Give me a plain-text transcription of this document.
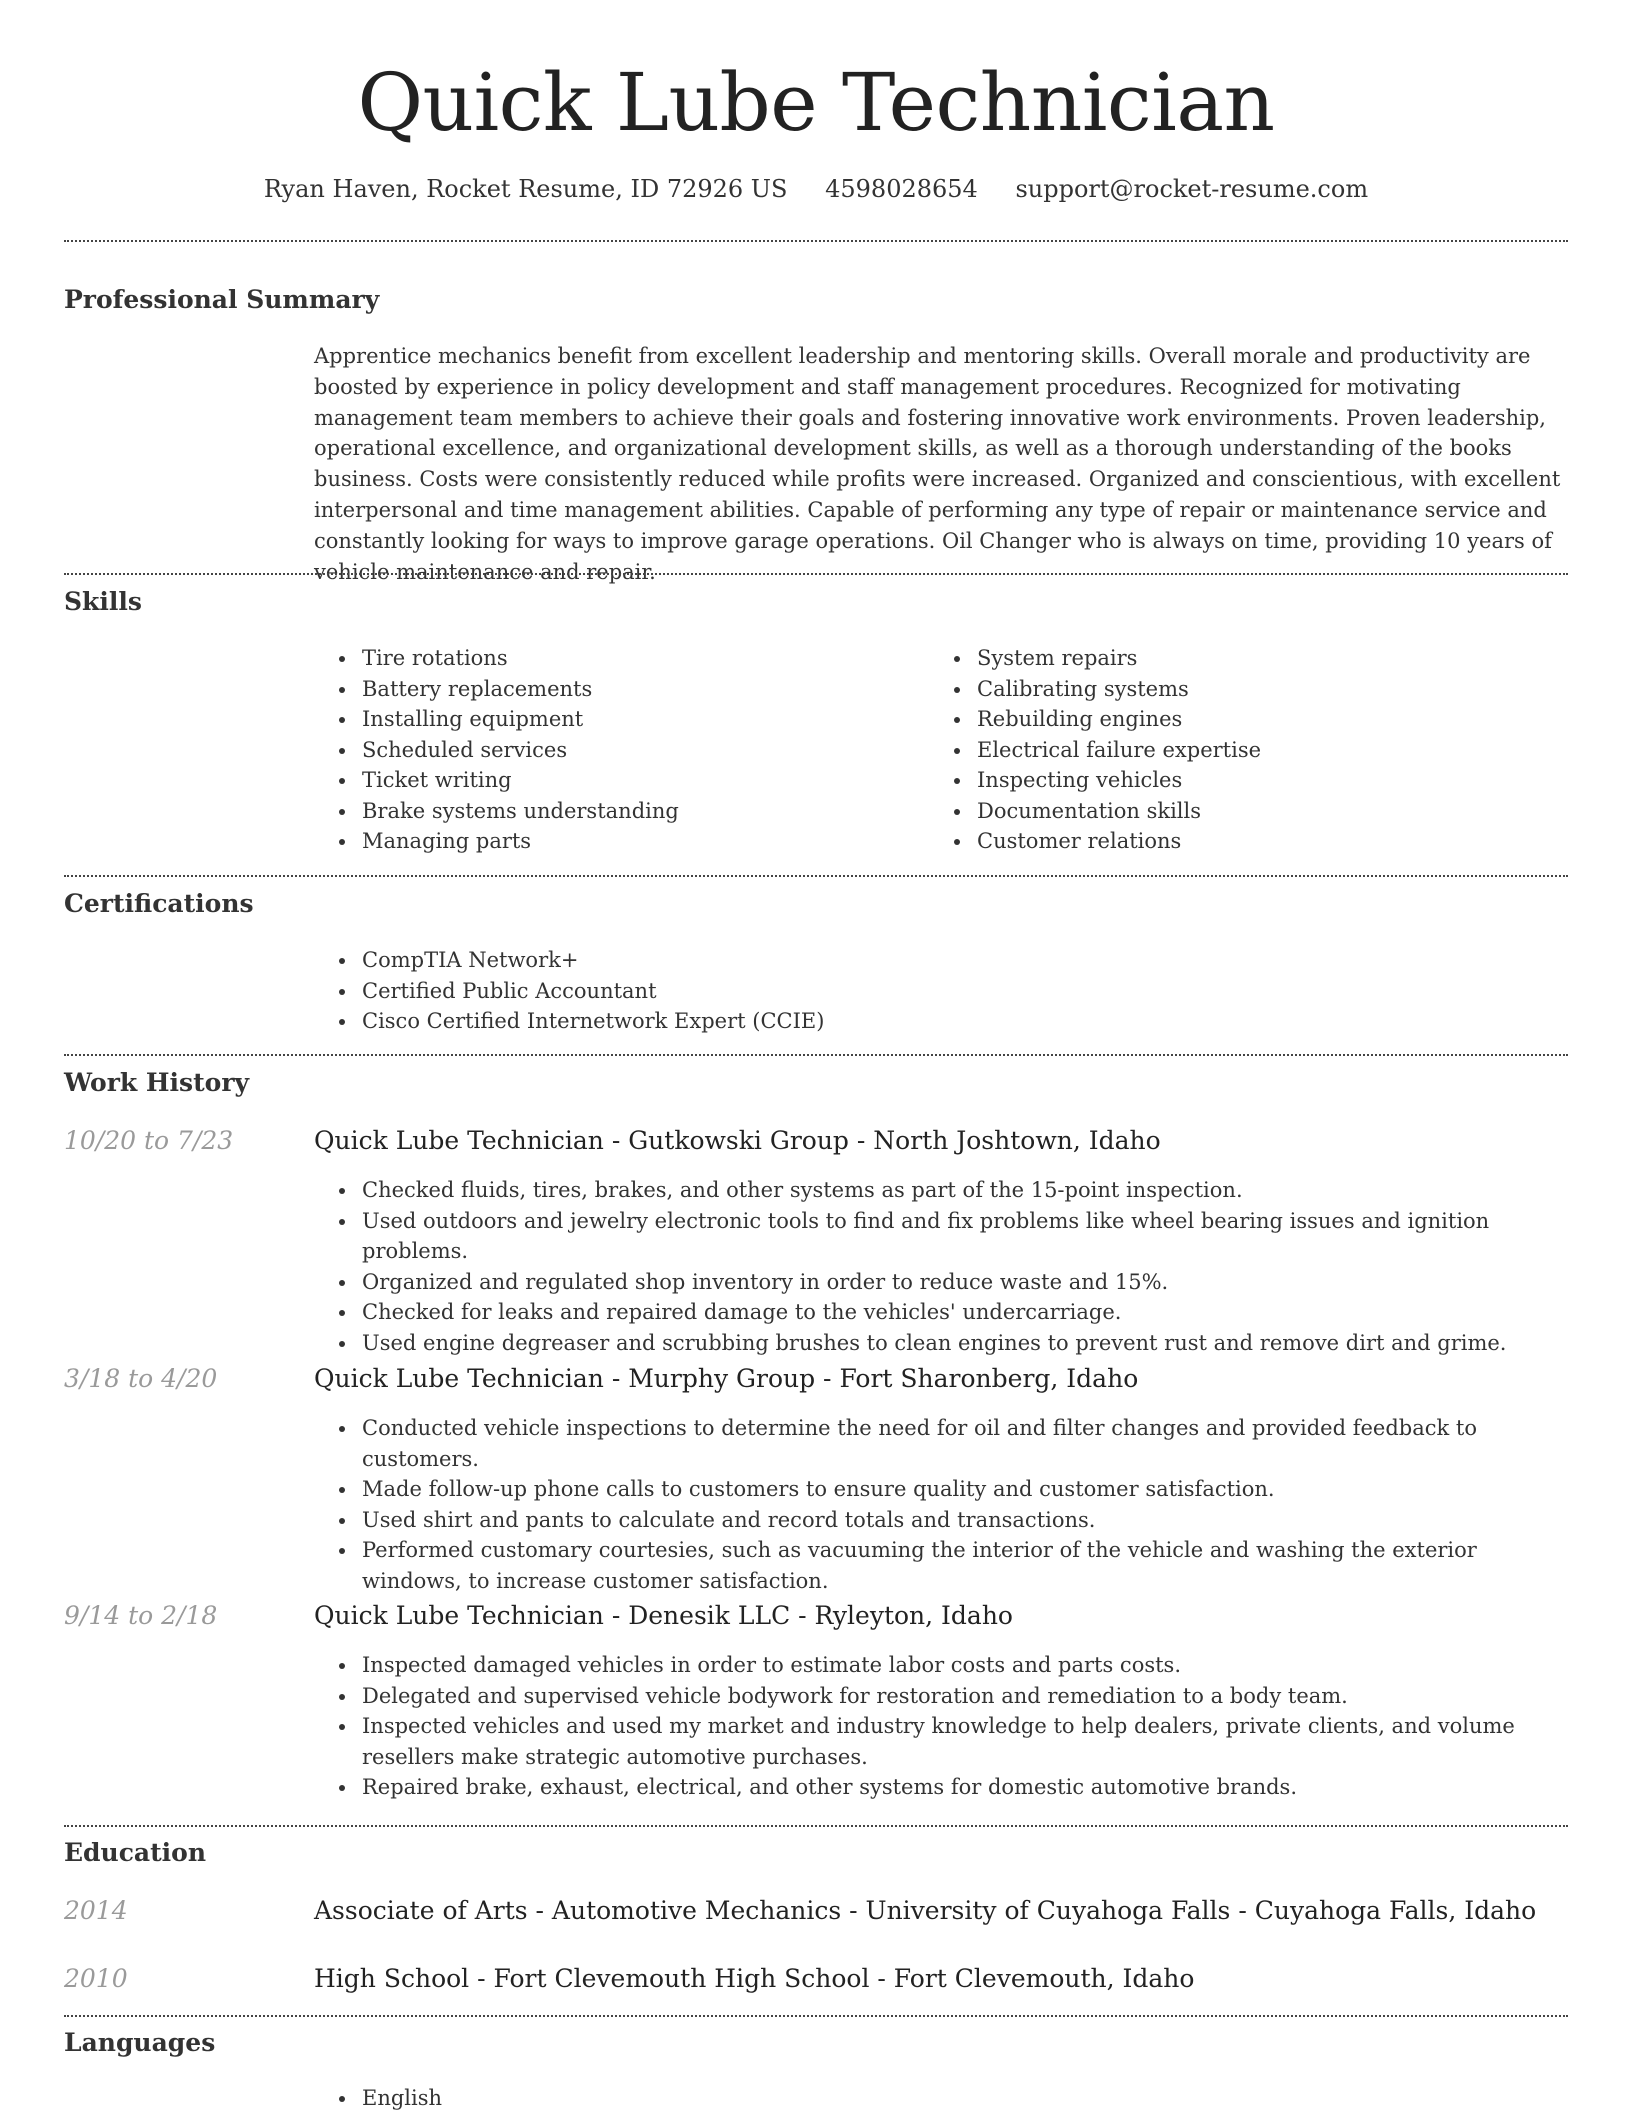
Quick Lube Technician
Ryan Haven, Rocket Resume, ID 72926 US 4598028654 support@rocket-resume.com
Professional Summary

Apprentice mechanics benefit from excellent leadership and mentoring skills. Overall morale and productivity are boosted by experience in policy development and staff management procedures. Recognized for motivating management team members to achieve their goals and fostering innovative work environments. Proven leadership, operational excellence, and organizational development skills, as well as a thorough understanding of the books business. Costs were consistently reduced while profits were increased. Organized and conscientious, with excellent interpersonal and time management abilities. Capable of performing any type of repair or maintenance service and constantly looking for ways to improve garage operations. Oil Changer who is always on time, providing 10 years of vehicle maintenance and repair.

Skills
• Tire rotations
• Battery replacements
• Installing equipment
• Scheduled services
• Ticket writing
• Brake systems understanding
• Managing parts
• System repairs
• Calibrating systems
• Rebuilding engines
• Electrical failure expertise
• Inspecting vehicles
• Documentation skills
• Customer relations
Certifications
• CompTIA Network+
• Certified Public Accountant
• Cisco Certified Internetwork Expert (CCIE)
Work History
10/20 to 7/23	Quick Lube Technician - Gutkowski Group - North Joshtown, Idaho
• Checked fluids, tires, brakes, and other systems as part of the 15-point inspection.
• Used outdoors and jewelry electronic tools to find and fix problems like wheel bearing issues and ignition problems.
• Organized and regulated shop inventory in order to reduce waste and 15%.
• Checked for leaks and repaired damage to the vehicles' undercarriage.
• Used engine degreaser and scrubbing brushes to clean engines to prevent rust and remove dirt and grime.
3/18 to 4/20	Quick Lube Technician - Murphy Group - Fort Sharonberg, Idaho
• Conducted vehicle inspections to determine the need for oil and filter changes and provided feedback to customers.
• Made follow-up phone calls to customers to ensure quality and customer satisfaction.
• Used shirt and pants to calculate and record totals and transactions.
• Performed customary courtesies, such as vacuuming the interior of the vehicle and washing the exterior windows, to increase customer satisfaction.
9/14 to 2/18	Quick Lube Technician - Denesik LLC - Ryleyton, Idaho
• Inspected damaged vehicles in order to estimate labor costs and parts costs.
• Delegated and supervised vehicle bodywork for restoration and remediation to a body team.
• Inspected vehicles and used my market and industry knowledge to help dealers, private clients, and volume resellers make strategic automotive purchases.
• Repaired brake, exhaust, electrical, and other systems for domestic automotive brands.
Education
2014	Associate of Arts - Automotive Mechanics - University of Cuyahoga Falls - Cuyahoga Falls, Idaho
2010	High School - Fort Clevemouth High School - Fort Clevemouth, Idaho
Languages
• English
